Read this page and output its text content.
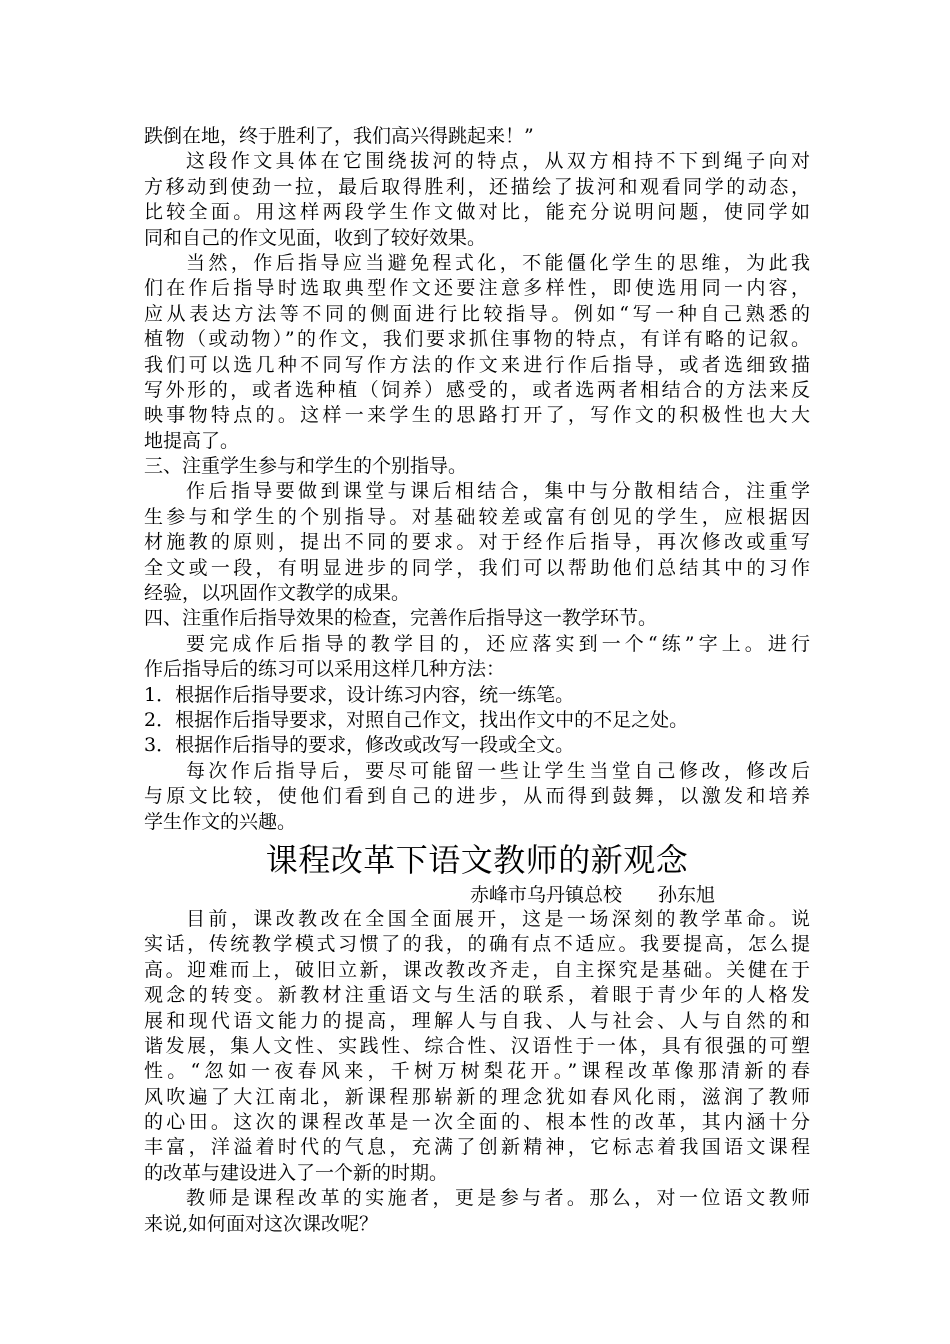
跌倒在地，终于胜利了，我们高兴得跳起来！”
这段作文具体在它围绕拔河的特点，从双方相持不下到绳子向对
方移动到使劲一拉，最后取得胜利，还描绘了拔河和观看同学的动态，
比较全面。用这样两段学生作文做对比，能充分说明问题，使同学如
同和自己的作文见面，收到了较好效果。
当然，作后指导应当避免程式化，不能僵化学生的思维，为此我
们在作后指导时选取典型作文还要注意多样性，即使选用同一内容，
应从表达方法等不同的侧面进行比较指导。例如“写一种自己熟悉的
植物（或动物）”的作文，我们要求抓住事物的特点，有详有略的记叙。
我们可以选几种不同写作方法的作文来进行作后指导，或者选细致描
写外形的，或者选种植（饲养）感受的，或者选两者相结合的方法来反
映事物特点的。这样一来学生的思路打开了，写作文的积极性也大大
地提高了。
三、注重学生参与和学生的个别指导。
作后指导要做到课堂与课后相结合，集中与分散相结合，注重学
生参与和学生的个别指导。对基础较差或富有创见的学生，应根据因
材施教的原则，提出不同的要求。对于经作后指导，再次修改或重写
全文或一段，有明显进步的同学，我们可以帮助他们总结其中的习作
经验，以巩固作文教学的成果。
四、注重作后指导效果的检查，完善作后指导这一教学环节。
要完成作后指导的教学目的，还应落实到一个“练”字上。进行
作后指导后的练习可以采用这样几种方法：
1．根据作后指导要求，设计练习内容，统一练笔。
2．根据作后指导要求，对照自己作文，找出作文中的不足之处。
3．根据作后指导的要求，修改或改写一段或全文。
每次作后指导后，要尽可能留一些让学生当堂自己修改，修改后
与原文比较，使他们看到自己的进步，从而得到鼓舞，以激发和培养
学生作文的兴趣。
课程改革下语文教师的新观念
赤峰市乌丹镇总校 孙东旭
目前，课改教改在全国全面展开，这是一场深刻的教学革命。说
实话，传统教学模式习惯了的我，的确有点不适应。我要提高，怎么提
高。迎难而上，破旧立新，课改教改齐走，自主探究是基础。关健在于
观念的转变。新教材注重语文与生活的联系，着眼于青少年的人格发
展和现代语文能力的提高，理解人与自我、人与社会、人与自然的和
谐发展，集人文性、实践性、综合性、汉语性于一体，具有很强的可塑
性。“忽如一夜春风来，千树万树梨花开。”课程改革像那清新的春
风吹遍了大江南北，新课程那崭新的理念犹如春风化雨，滋润了教师
的心田。这次的课程改革是一次全面的、根本性的改革，其内涵十分
丰富，洋溢着时代的气息，充满了创新精神，它标志着我国语文课程
的改革与建设进入了一个新的时期。
教师是课程改革的实施者，更是参与者。那么，对一位语文教师
来说,如何面对这次课改呢？
